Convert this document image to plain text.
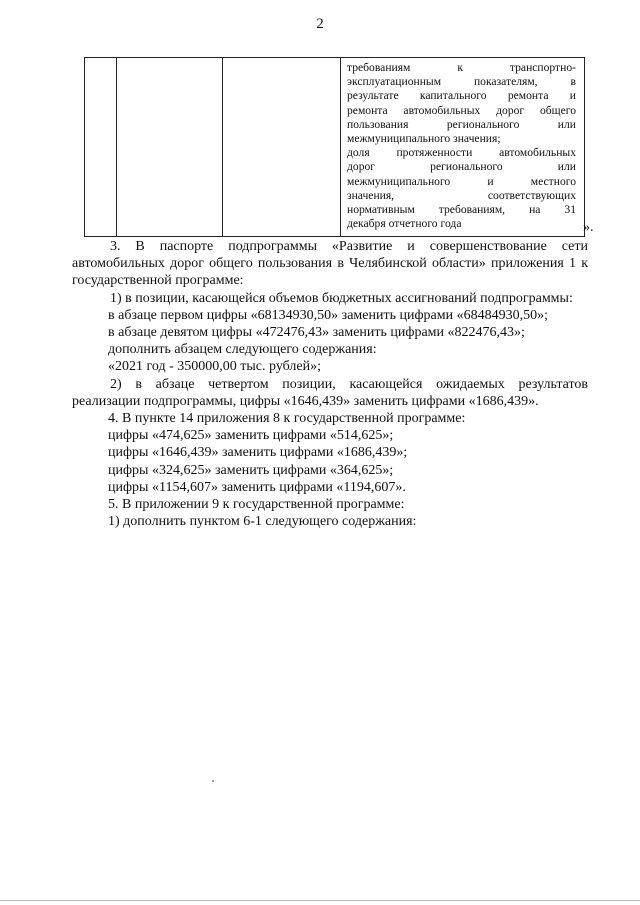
2

требованиям к транспортно-

эксплуатационным показателям, в

результате капитального ремонта и

ремонта автомобильных дорог общего

пользования регионального или

межмуниципального значения;

доля протяженности автомобильных

дорог регионального или

межмуниципального и местного

значения, соответствующих

нормативным требованиям, на 31

декабря отчетного года	».

3. В паспорте подпрограммы «Развитие и совершенствование сети автомобильных дорог общего пользования в Челябинской области» приложения 1 к государственной программе:

1) в позиции, касающейся объемов бюджетных ассигнований подпрограммы:

в абзаце первом цифры «68134930,50» заменить цифрами «68484930,50»;

в абзаце девятом цифры «472476,43» заменить цифрами «822476,43»;

дополнить абзацем следующего содержания:

«2021 год - 350000,00 тыс. рублей»;

2) в абзаце четвертом позиции, касающейся ожидаемых результатов реализации подпрограммы, цифры «1646,439» заменить цифрами «1686,439».

4. В пункте 14 приложения 8 к государственной программе:

цифры «474,625» заменить цифрами «514,625»;

цифры «1646,439» заменить цифрами «1686,439»;

цифры «324,625» заменить цифрами «364,625»;

цифры «1154,607» заменить цифрами «1194,607».

5. В приложении 9 к государственной программе:

1) дополнить пунктом 6-1 следующего содержания:
